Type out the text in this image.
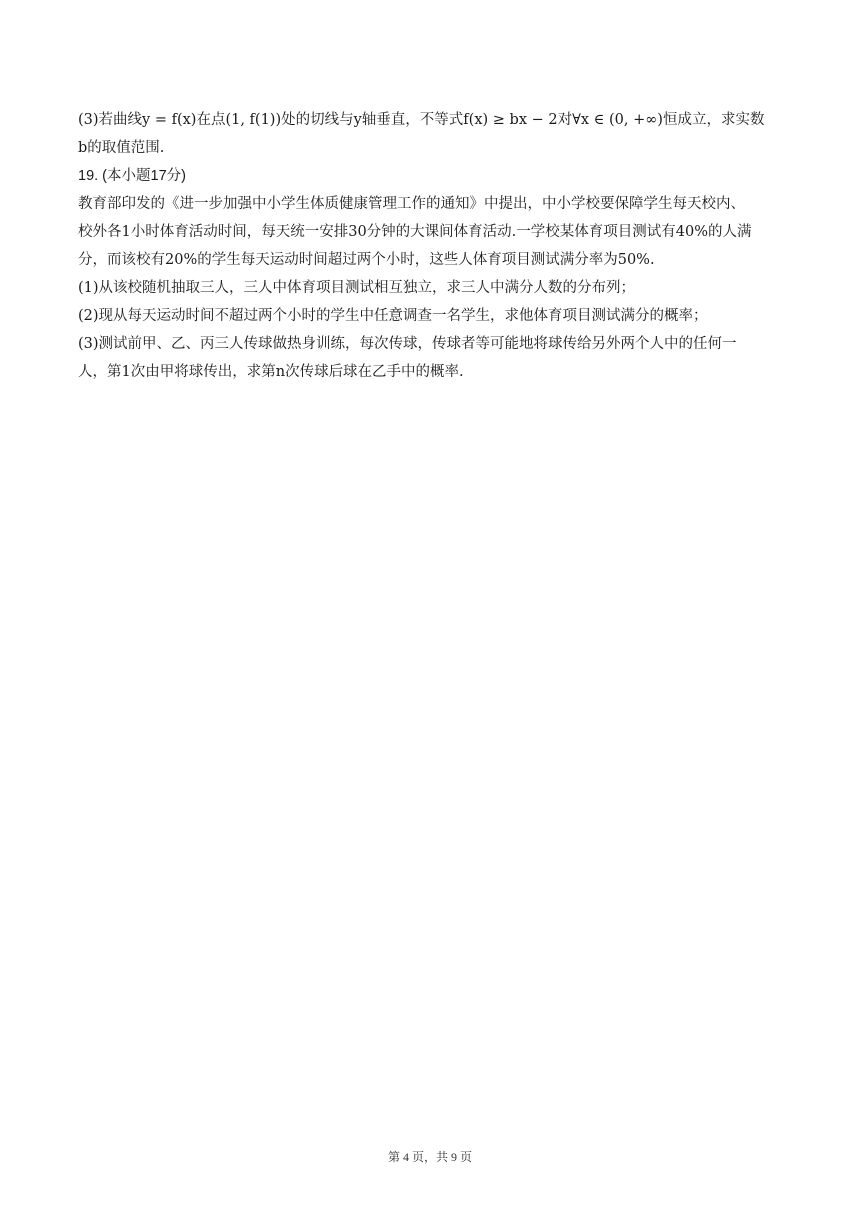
(3)若曲线y = f(x)在点(1, f(1))处的切线与y轴垂直，不等式f(x) ≥ bx − 2对∀x ∈ (0, +∞)恒成立，求实数

b的取值范围.

19. (本小题17分)

教育部印发的《进一步加强中小学生体质健康管理工作的通知》中提出，中小学校要保障学生每天校内、

校外各1小时体育活动时间，每天统一安排30分钟的大课间体育活动.一学校某体育项目测试有40%的人满

分，而该校有20%的学生每天运动时间超过两个小时，这些人体育项目测试满分率为50%.

(1)从该校随机抽取三人，三人中体育项目测试相互独立，求三人中满分人数的分布列；

(2)现从每天运动时间不超过两个小时的学生中任意调查一名学生，求他体育项目测试满分的概率；

(3)测试前甲、乙、丙三人传球做热身训练，每次传球，传球者等可能地将球传给另外两个人中的任何一

人，第1次由甲将球传出，求第n次传球后球在乙手中的概率.

第 4 页，共 9 页
